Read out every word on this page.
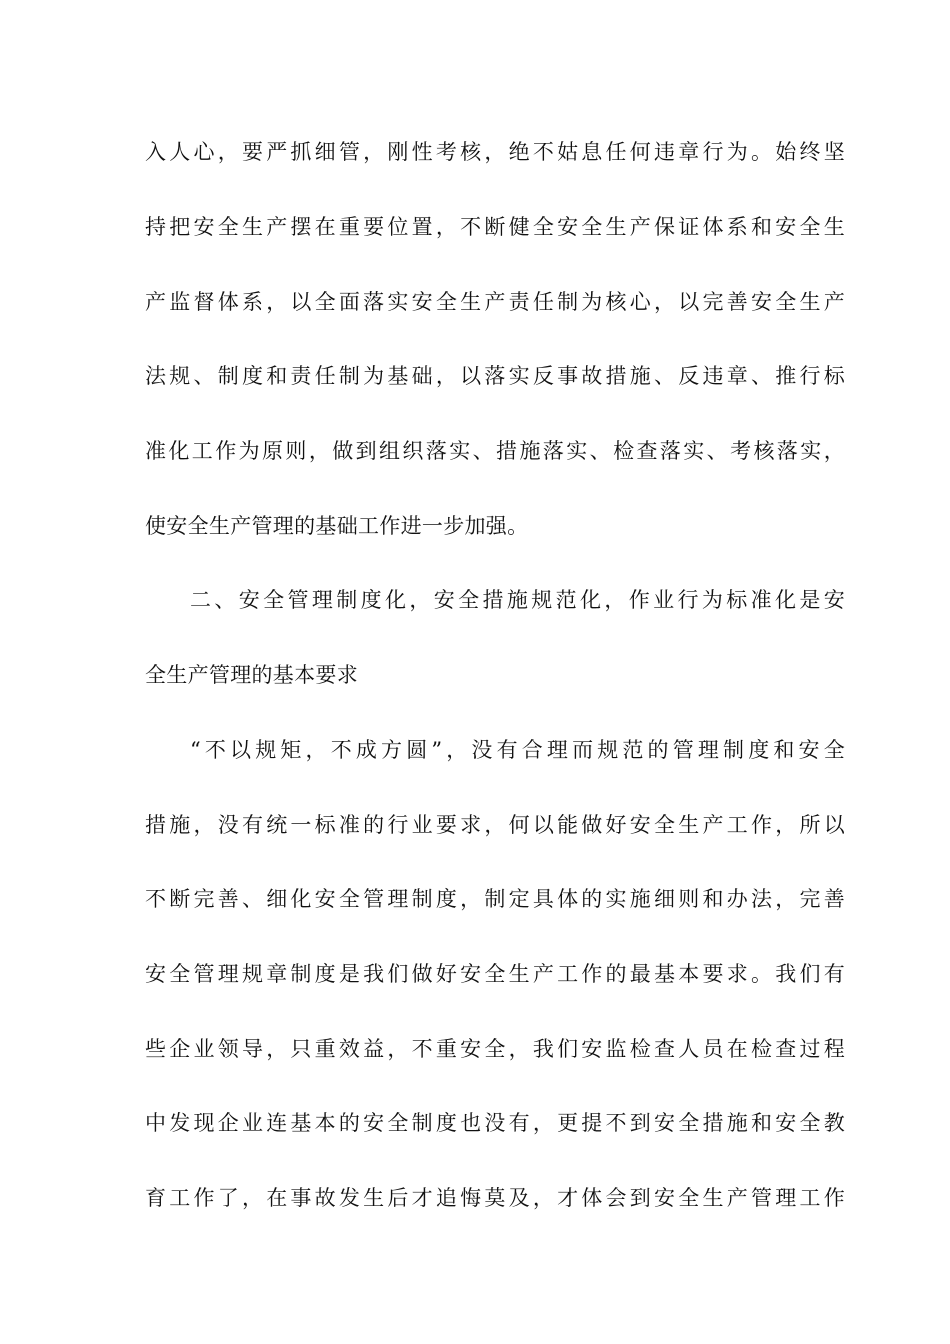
入人心，要严抓细管，刚性考核，绝不姑息任何违章行为。始终坚
持把安全生产摆在重要位置，不断健全安全生产保证体系和安全生
产监督体系，以全面落实安全生产责任制为核心，以完善安全生产
法规、制度和责任制为基础，以落实反事故措施、反违章、推行标
准化工作为原则，做到组织落实、措施落实、检查落实、考核落实，
使安全生产管理的基础工作进一步加强。
二、安全管理制度化，安全措施规范化，作业行为标准化是安
全生产管理的基本要求
“不以规矩，不成方圆”，没有合理而规范的管理制度和安全
措施，没有统一标准的行业要求，何以能做好安全生产工作，所以
不断完善、细化安全管理制度，制定具体的实施细则和办法，完善
安全管理规章制度是我们做好安全生产工作的最基本要求。我们有
些企业领导，只重效益，不重安全，我们安监检查人员在检查过程
中发现企业连基本的安全制度也没有，更提不到安全措施和安全教
育工作了，在事故发生后才追悔莫及，才体会到安全生产管理工作
